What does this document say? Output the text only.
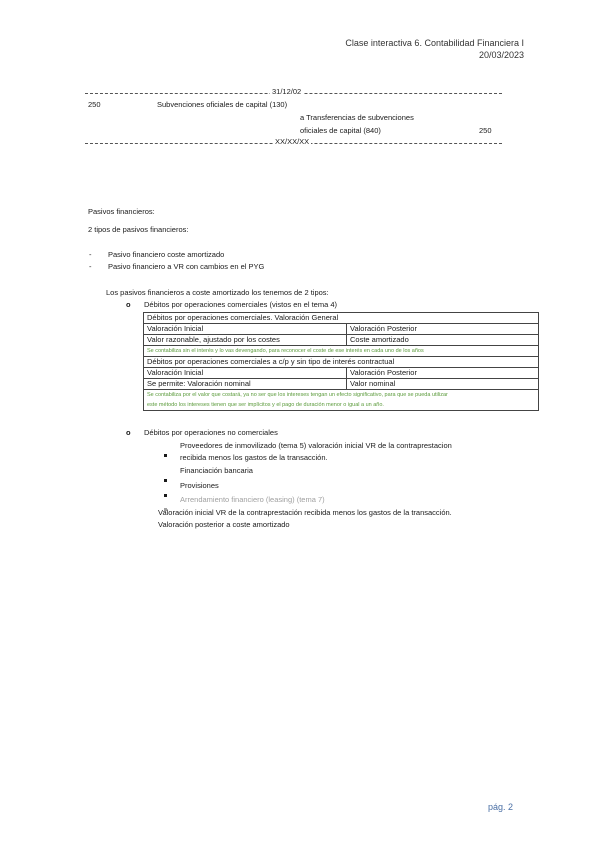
Clase interactiva 6. Contabilidad Financiera I
20/03/2023
31/12/02
250	Subvenciones oficiales de capital (130)
a Transferencias de subvenciones
oficiales de capital (840)	250
XX/XX/XX
Pasivos financieros:
2 tipos de pasivos financieros:
- Pasivo financiero coste amortizado
- Pasivo financiero a VR con cambios en el PYG
Los pasivos financieros a coste amortizado los tenemos de 2 tipos:
o Débitos por operaciones comerciales (vistos en el tema 4)
Débitos por operaciones comerciales. Valoración General	
Valoración Inicial	Valoración Posterior
Valor razonable, ajustado por los costes	Coste amortizado
Se contabiliza sin el interés y lo vas devengando, para reconocer el coste de ese interés en cada uno de los años	
Débitos por operaciones comerciales a c/p y sin tipo de interés contractual	
Valoración Inicial	Valoración Posterior
Se permite: Valoración nominal	Valor nominal

Se contabiliza por el valor que costará, ya no ser que los intereses tengan un efecto significativo, para que se pueda utilizar
este método los intereses tienen que ser implícitos y el pago de duración menor o igual a un año.	
o Débitos por operaciones no comerciales
Proveedores de inmovilizado (tema 5) valoración inicial VR de la contraprestacion
recibida menos los gastos de la transacción.
Financiación bancaria
Provisiones
Arrendamiento financiero (leasing) (tema 7)
Valoración inicial VR de la contraprestación recibida menos los gastos de la transacción.
Valoración posterior a coste amortizado
pág. 2
